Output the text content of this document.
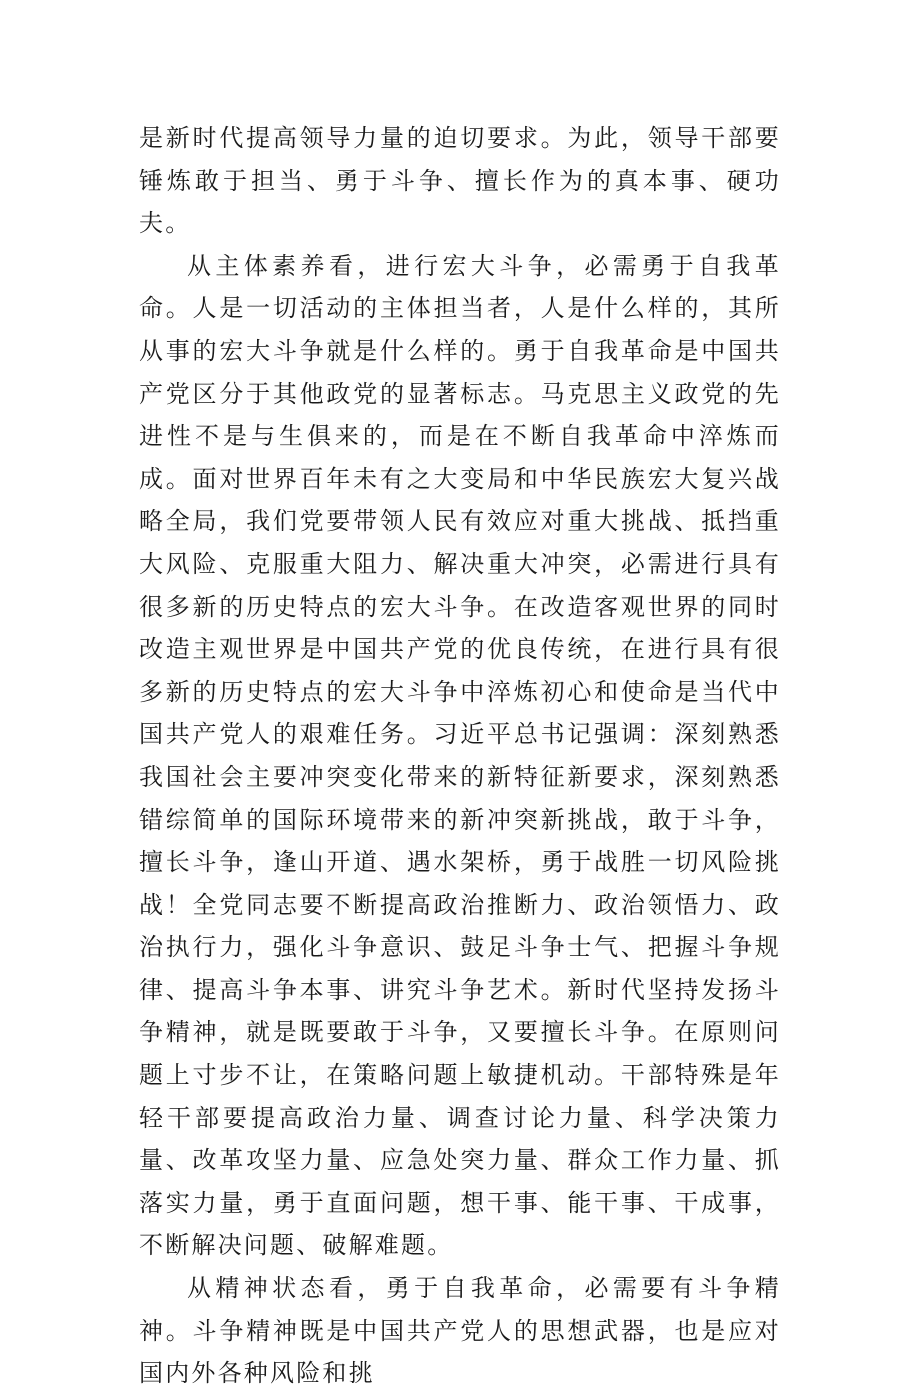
是新时代提高领导力量的迫切要求。为此，领导干部要锤炼敢于担当、勇于斗争、擅长作为的真本事、硬功夫。

从主体素养看，进行宏大斗争，必需勇于自我革命。人是一切活动的主体担当者，人是什么样的，其所从事的宏大斗争就是什么样的。勇于自我革命是中国共产党区分于其他政党的显著标志。马克思主义政党的先进性不是与生俱来的，而是在不断自我革命中淬炼而成。面对世界百年未有之大变局和中华民族宏大复兴战略全局，我们党要带领人民有效应对重大挑战、抵挡重大风险、克服重大阻力、解决重大冲突，必需进行具有很多新的历史特点的宏大斗争。在改造客观世界的同时改造主观世界是中国共产党的优良传统，在进行具有很多新的历史特点的宏大斗争中淬炼初心和使命是当代中国共产党人的艰难任务。习近平总书记强调：深刻熟悉我国社会主要冲突变化带来的新特征新要求，深刻熟悉错综简单的国际环境带来的新冲突新挑战，敢于斗争，擅长斗争，逢山开道、遇水架桥，勇于战胜一切风险挑战！全党同志要不断提高政治推断力、政治领悟力、政治执行力，强化斗争意识、鼓足斗争士气、把握斗争规律、提高斗争本事、讲究斗争艺术。新时代坚持发扬斗争精神，就是既要敢于斗争，又要擅长斗争。在原则问题上寸步不让，在策略问题上敏捷机动。干部特殊是年轻干部要提高政治力量、调查讨论力量、科学决策力量、改革攻坚力量、应急处突力量、群众工作力量、抓落实力量，勇于直面问题，想干事、能干事、干成事，不断解决问题、破解难题。

从精神状态看，勇于自我革命，必需要有斗争精神。斗争精神既是中国共产党人的思想武器，也是应对国内外各种风险和挑
